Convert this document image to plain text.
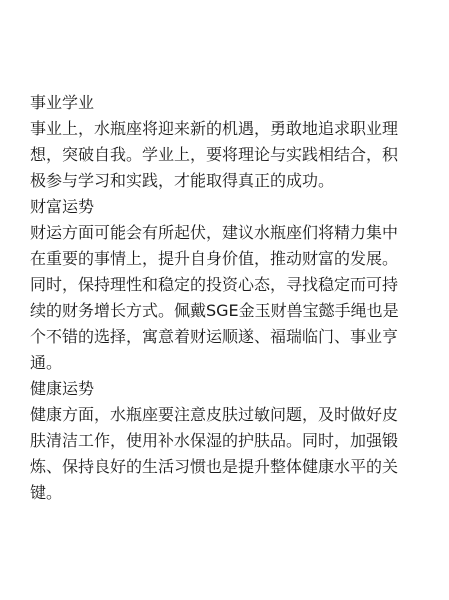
事业学业

事业上，水瓶座将迎来新的机遇，勇敢地追求职业理
想，突破自我。学业上，要将理论与实践相结合，积
极参与学习和实践，才能取得真正的成功。

财富运势

财运方面可能会有所起伏，建议水瓶座们将精力集中
在重要的事情上，提升自身价值，推动财富的发展。
同时，保持理性和稳定的投资心态，寻找稳定而可持
续的财务增长方式。佩戴SGE金玉财兽宝懿手绳也是
个不错的选择，寓意着财运顺遂、福瑞临门、事业亨
通。

健康运势

健康方面，水瓶座要注意皮肤过敏问题，及时做好皮
肤清洁工作，使用补水保湿的护肤品。同时，加强锻
炼、保持良好的生活习惯也是提升整体健康水平的关
键。
